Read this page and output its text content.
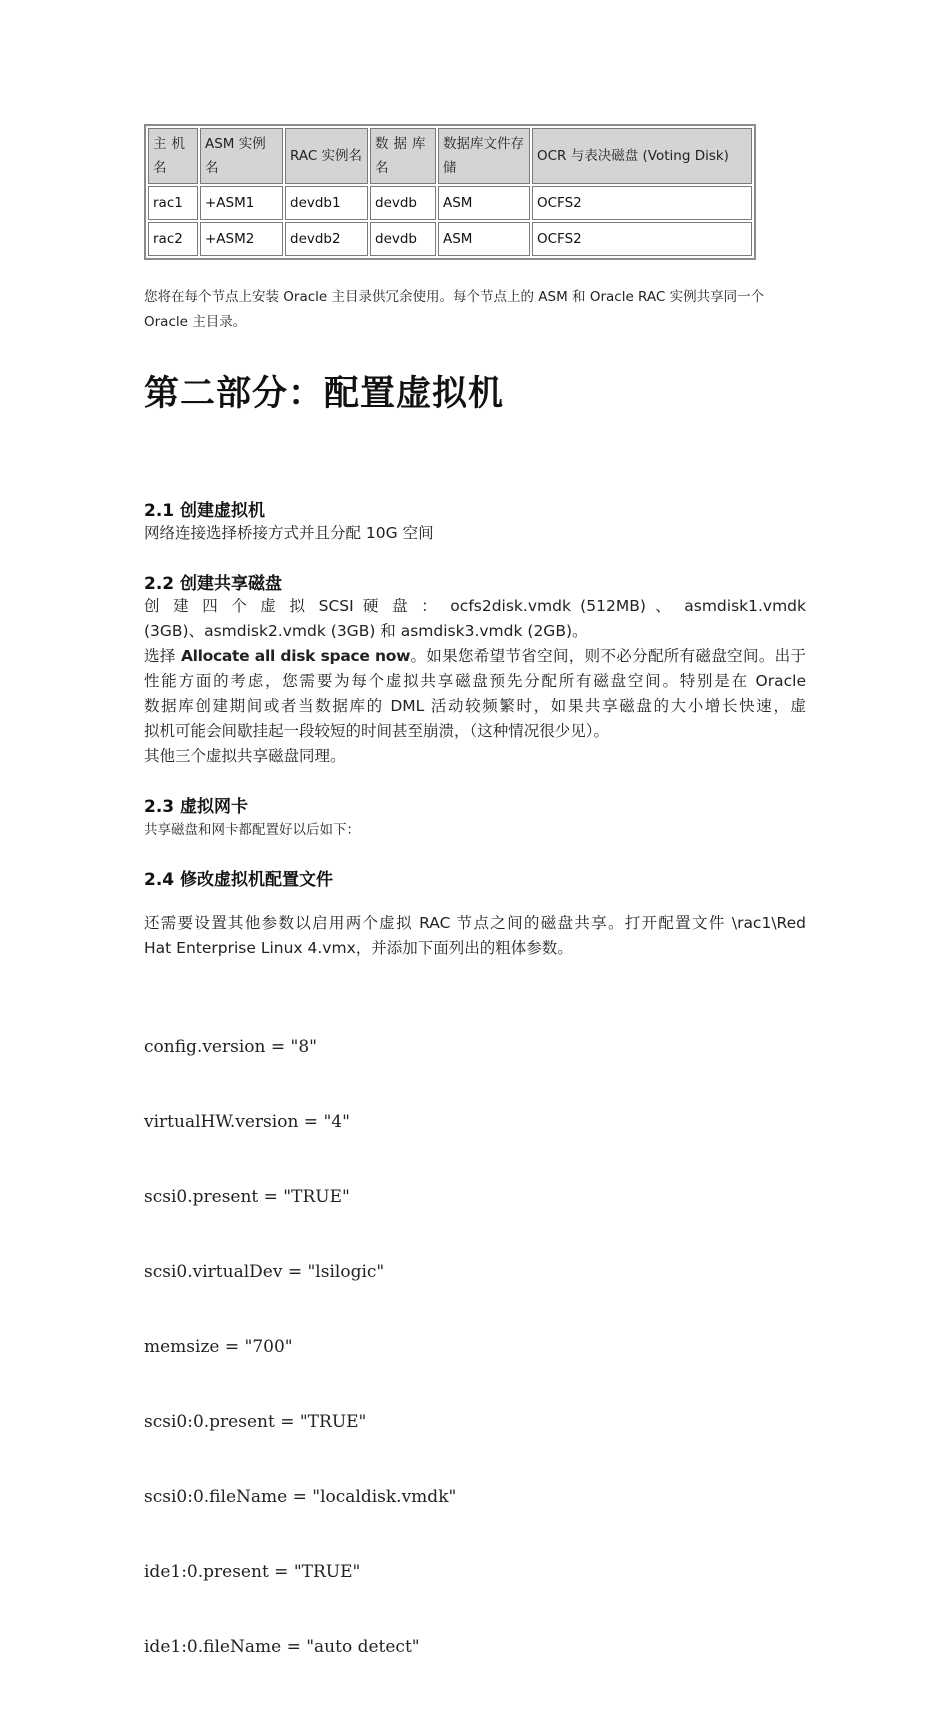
主机名	ASM 实例名	RAC 实例名	数据库名	数据库文件存储	OCR 与表决磁盘 (Voting Disk)
rac1	+ASM1	devdb1	devdb	ASM	OCFS2
rac2	+ASM2	devdb2	devdb	ASM	OCFS2
您将在每个节点上安装 Oracle 主目录供冗余使用。每个节点上的 ASM 和 Oracle RAC 实例共享同一个
Oracle 主目录。
第二部分：配置虚拟机
2.1 创建虚拟机
网络连接选择桥接方式并且分配 10G 空间
2.2 创建共享磁盘
创 建 四 个 虚 拟 SCSI 硬 盘 ： ocfs2disk.vmdk (512MB) 、 asmdisk1.vmdk
(3GB)、asmdisk2.vmdk (3GB) 和 asmdisk3.vmdk (2GB)。
选择 Allocate all disk space now。如果您希望节省空间，则不必分配所有磁盘空间。出于
性能方面的考虑，您需要为每个虚拟共享磁盘预先分配所有磁盘空间。特别是在 Oracle
数据库创建期间或者当数据库的 DML 活动较频繁时，如果共享磁盘的大小增长快速，虚
拟机可能会间歇挂起一段较短的时间甚至崩溃，（这种情况很少见）。
其他三个虚拟共享磁盘同理。
2.3 虚拟网卡
共享磁盘和网卡都配置好以后如下：
2.4 修改虚拟机配置文件
还需要设置其他参数以启用两个虚拟 RAC 节点之间的磁盘共享。打开配置文件 \rac1\Red
Hat Enterprise Linux 4.vmx，并添加下面列出的粗体参数。

config.version = "8"

virtualHW.version = "4"

scsi0.present = "TRUE"

scsi0.virtualDev = "lsilogic"

memsize = "700"

scsi0:0.present = "TRUE"

scsi0:0.fileName = "localdisk.vmdk"

ide1:0.present = "TRUE"

ide1:0.fileName = "auto detect"
